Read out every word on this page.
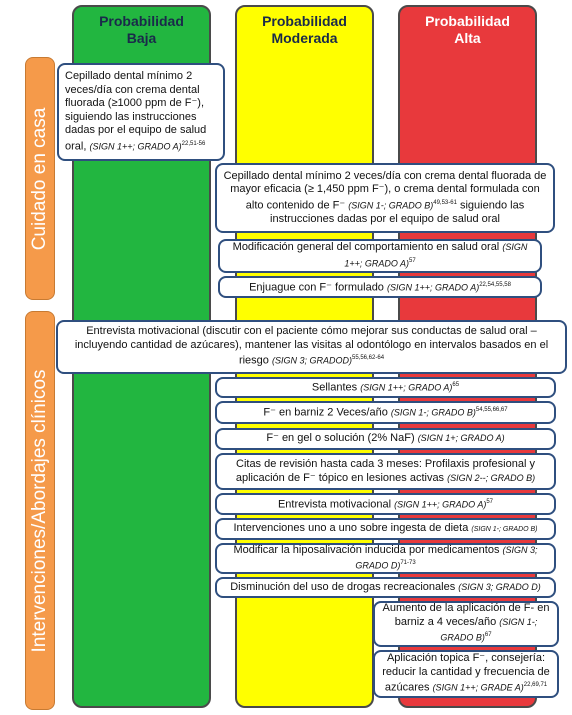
Probabilidad
Baja
Probabilidad
Moderada
Probabilidad
Alta
Cuidado en casa
Intervenciones/Abordajes clínicos
Cepillado dental mínimo 2 veces/día con crema dental fluorada (≥1000 ppm de F⁻), siguiendo las instrucciones dadas por el equipo de salud oral, (SIGN 1++; GRADO A)$^{22,51-56}$
Cepillado dental mínimo 2 veces/día con crema dental fluorada de mayor eficacia (≥ 1,450 ppm F⁻), o crema dental formulada con alto contenido de F⁻ (SIGN 1-; GRADO B)$^{49,53-61}$ siguiendo las instrucciones dadas por el equipo de salud oral
Modificación general del comportamiento en salud oral (SIGN 1++; GRADO A)$^{57}$
Enjuague con F⁻ formulado (SIGN 1++; GRADO A)$^{22,54,55,58}$
Entrevista motivacional (discutir con el paciente cómo mejorar sus conductas de salud oral – incluyendo cantidad de azúcares), mantener las visitas al odontólogo en intervalos basados en el riesgo (SIGN 3; GRADOD)$^{55,56,62-64}$
Sellantes (SIGN 1++; GRADO A)$^{65}$
F⁻ en barniz 2 Veces/año (SIGN 1-; GRADO B)$^{54,55,66,67}$
F⁻ en gel o solución (2% NaF) (SIGN 1+; GRADO A)
Citas de revisión hasta cada 3 meses: Profilaxis profesional y aplicación de F⁻ tópico en lesiones activas (SIGN 2--; GRADO B)
Entrevista motivacional (SIGN 1++; GRADO A)$^{57}$
Intervenciones uno a uno sobre ingesta de dieta (SIGN 1-; GRADO B)
Modificar la hiposalivación inducida por medicamentos (SIGN 3; GRADO D)$^{71-73}$
Disminución del uso de drogas recreacionales (SIGN 3; GRADO D)
Aumento de la aplicación de F- en barniz a 4 veces/año (SIGN 1-; GRADO B)$^{67}$
Aplicación topica F⁻, consejería: reducir la cantidad y frecuencia de azúcares (SIGN 1++; GRADE A)$^{22,69,71}$
